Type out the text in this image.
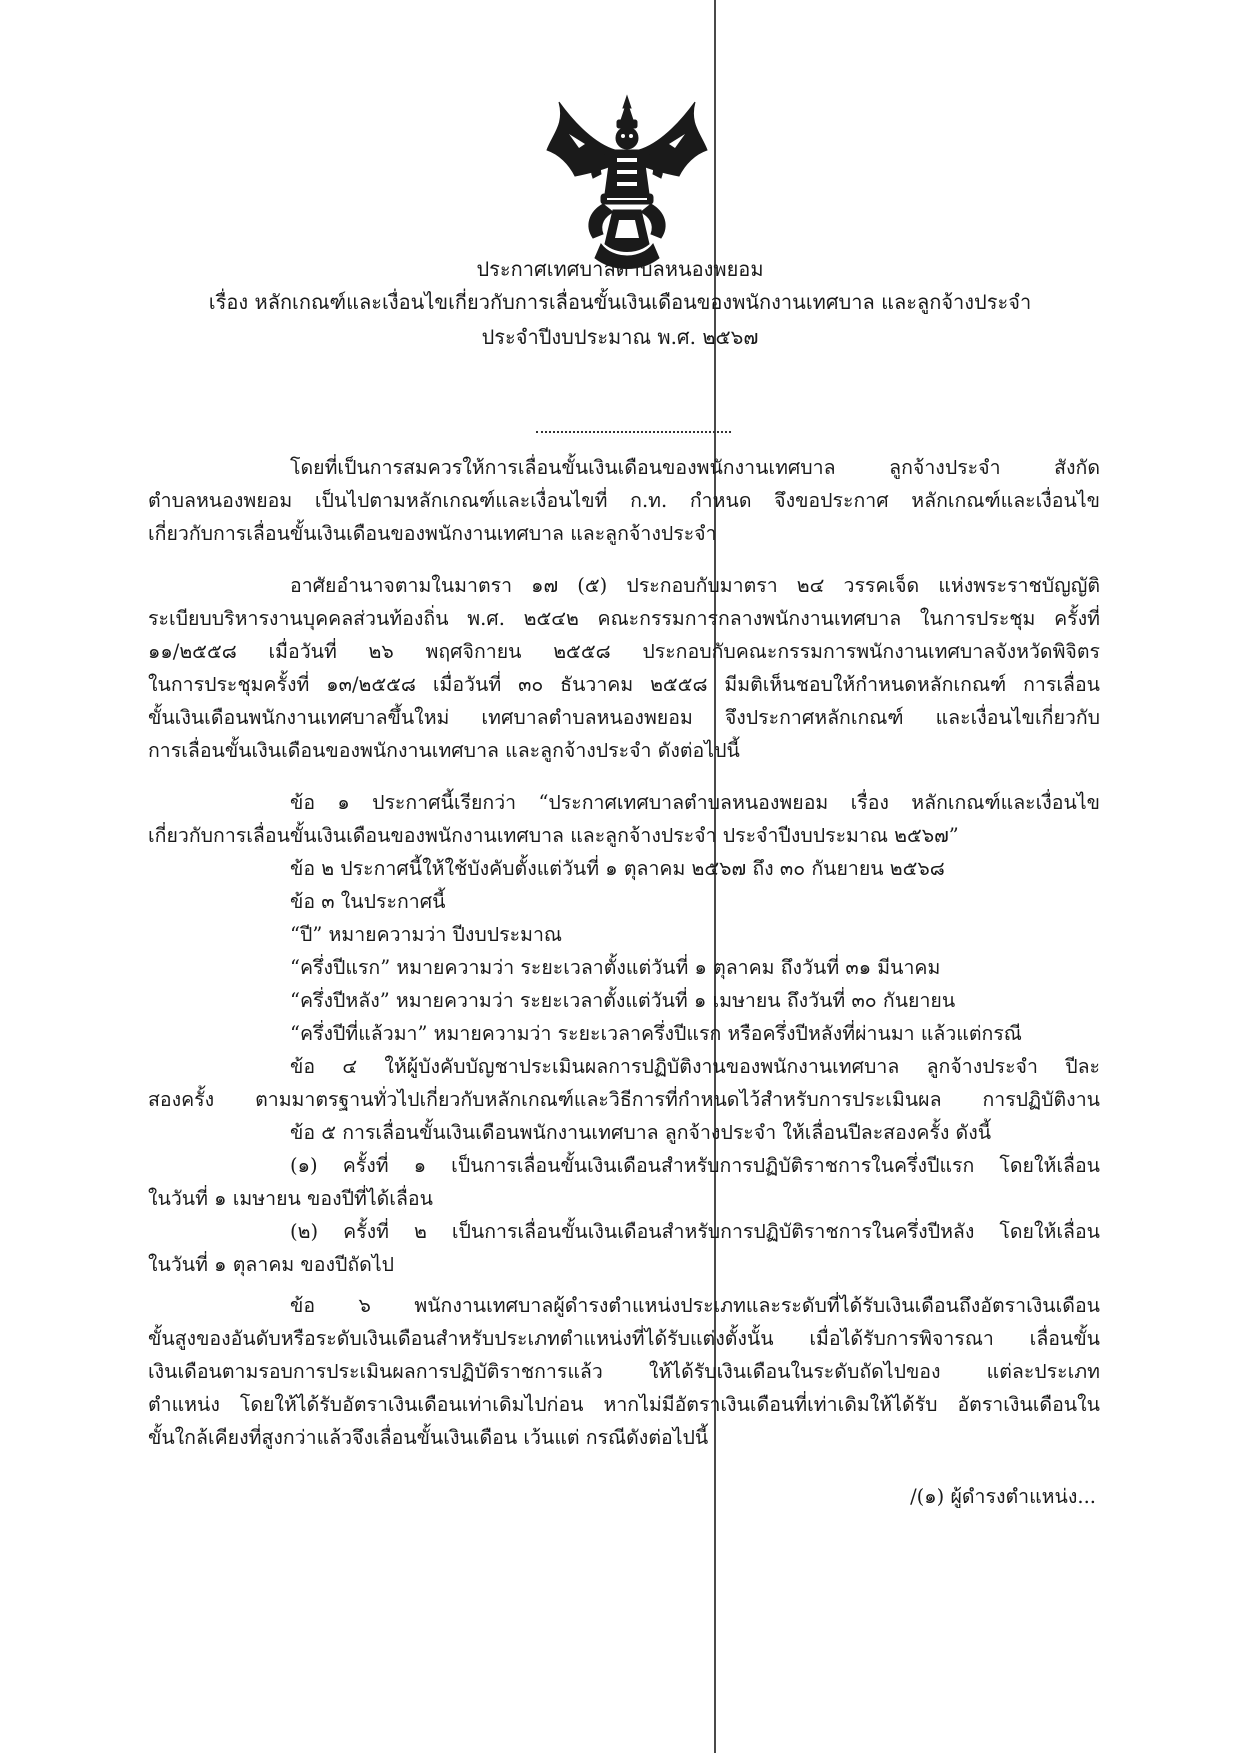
ประกาศเทศบาลตำบลหนองพยอม
เรื่อง หลักเกณฑ์และเงื่อนไขเกี่ยวกับการเลื่อนขั้นเงินเดือนของพนักงานเทศบาล และลูกจ้างประจำ
ประจำปีงบประมาณ พ.ศ. ๒๕๖๗
โดยที่เป็นการสมควรให้การเลื่อนขั้นเงินเดือนของพนักงานเทศบาล ลูกจ้างประจำ สังกัด
ตำบลหนองพยอม เป็นไปตามหลักเกณฑ์และเงื่อนไขที่ ก.ท. กำหนด จึงขอประกาศ หลักเกณฑ์และเงื่อนไข
เกี่ยวกับการเลื่อนขั้นเงินเดือนของพนักงานเทศบาล และลูกจ้างประจำ
อาศัยอำนาจตามในมาตรา ๑๗ (๕) ประกอบกับมาตรา ๒๔ วรรคเจ็ด แห่งพระราชบัญญัติ
ระเบียบบริหารงานบุคคลส่วนท้องถิ่น พ.ศ. ๒๕๔๒ คณะกรรมการกลางพนักงานเทศบาล ในการประชุม ครั้งที่
๑๑/๒๕๕๘ เมื่อวันที่ ๒๖ พฤศจิกายน ๒๕๕๘ ประกอบกับคณะกรรมการพนักงานเทศบาลจังหวัดพิจิตร
ในการประชุมครั้งที่ ๑๓/๒๕๕๘ เมื่อวันที่ ๓๐ ธันวาคม ๒๕๕๘ มีมติเห็นชอบให้กำหนดหลักเกณฑ์ การเลื่อน
ขั้นเงินเดือนพนักงานเทศบาลขึ้นใหม่ เทศบาลตำบลหนองพยอม จึงประกาศหลักเกณฑ์ และเงื่อนไขเกี่ยวกับ
การเลื่อนขั้นเงินเดือนของพนักงานเทศบาล และลูกจ้างประจำ ดังต่อไปนี้
ข้อ ๑ ประกาศนี้เรียกว่า “ประกาศเทศบาลตำบลหนองพยอม เรื่อง หลักเกณฑ์และเงื่อนไข
เกี่ยวกับการเลื่อนขั้นเงินเดือนของพนักงานเทศบาล และลูกจ้างประจำ ประจำปีงบประมาณ ๒๕๖๗”
ข้อ ๒ ประกาศนี้ให้ใช้บังคับตั้งแต่วันที่ ๑ ตุลาคม ๒๕๖๗ ถึง ๓๐ กันยายน ๒๕๖๘
ข้อ ๓ ในประกาศนี้
“ปี” หมายความว่า ปีงบประมาณ
“ครึ่งปีแรก” หมายความว่า ระยะเวลาตั้งแต่วันที่ ๑ ตุลาคม ถึงวันที่ ๓๑ มีนาคม
“ครึ่งปีหลัง” หมายความว่า ระยะเวลาตั้งแต่วันที่ ๑ เมษายน ถึงวันที่ ๓๐ กันยายน
“ครึ่งปีที่แล้วมา” หมายความว่า ระยะเวลาครึ่งปีแรก หรือครึ่งปีหลังที่ผ่านมา แล้วแต่กรณี
ข้อ ๔ ให้ผู้บังคับบัญชาประเมินผลการปฏิบัติงานของพนักงานเทศบาล ลูกจ้างประจำ ปีละ
สองครั้ง ตามมาตรฐานทั่วไปเกี่ยวกับหลักเกณฑ์และวิธีการที่กำหนดไว้สำหรับการประเมินผล การปฏิบัติงาน
ข้อ ๕ การเลื่อนขั้นเงินเดือนพนักงานเทศบาล ลูกจ้างประจำ ให้เลื่อนปีละสองครั้ง ดังนี้
(๑) ครั้งที่ ๑ เป็นการเลื่อนขั้นเงินเดือนสำหรับการปฏิบัติราชการในครึ่งปีแรก โดยให้เลื่อน
ในวันที่ ๑ เมษายน ของปีที่ได้เลื่อน
(๒) ครั้งที่ ๒ เป็นการเลื่อนขั้นเงินเดือนสำหรับการปฏิบัติราชการในครึ่งปีหลัง โดยให้เลื่อน
ในวันที่ ๑ ตุลาคม ของปีถัดไป
ข้อ ๖ พนักงานเทศบาลผู้ดำรงตำแหน่งประเภทและระดับที่ได้รับเงินเดือนถึงอัตราเงินเดือน
ขั้นสูงของอันดับหรือระดับเงินเดือนสำหรับประเภทตำแหน่งที่ได้รับแต่งตั้งนั้น เมื่อได้รับการพิจารณา เลื่อนขั้น
เงินเดือนตามรอบการประเมินผลการปฏิบัติราชการแล้ว ให้ได้รับเงินเดือนในระดับถัดไปของ แต่ละประเภท
ตำแหน่ง โดยให้ได้รับอัตราเงินเดือนเท่าเดิมไปก่อน หากไม่มีอัตราเงินเดือนที่เท่าเดิมให้ได้รับ อัตราเงินเดือนใน
ขั้นใกล้เคียงที่สูงกว่าแล้วจึงเลื่อนขั้นเงินเดือน เว้นแต่ กรณีดังต่อไปนี้
/(๑) ผู้ดำรงตำแหน่ง...
